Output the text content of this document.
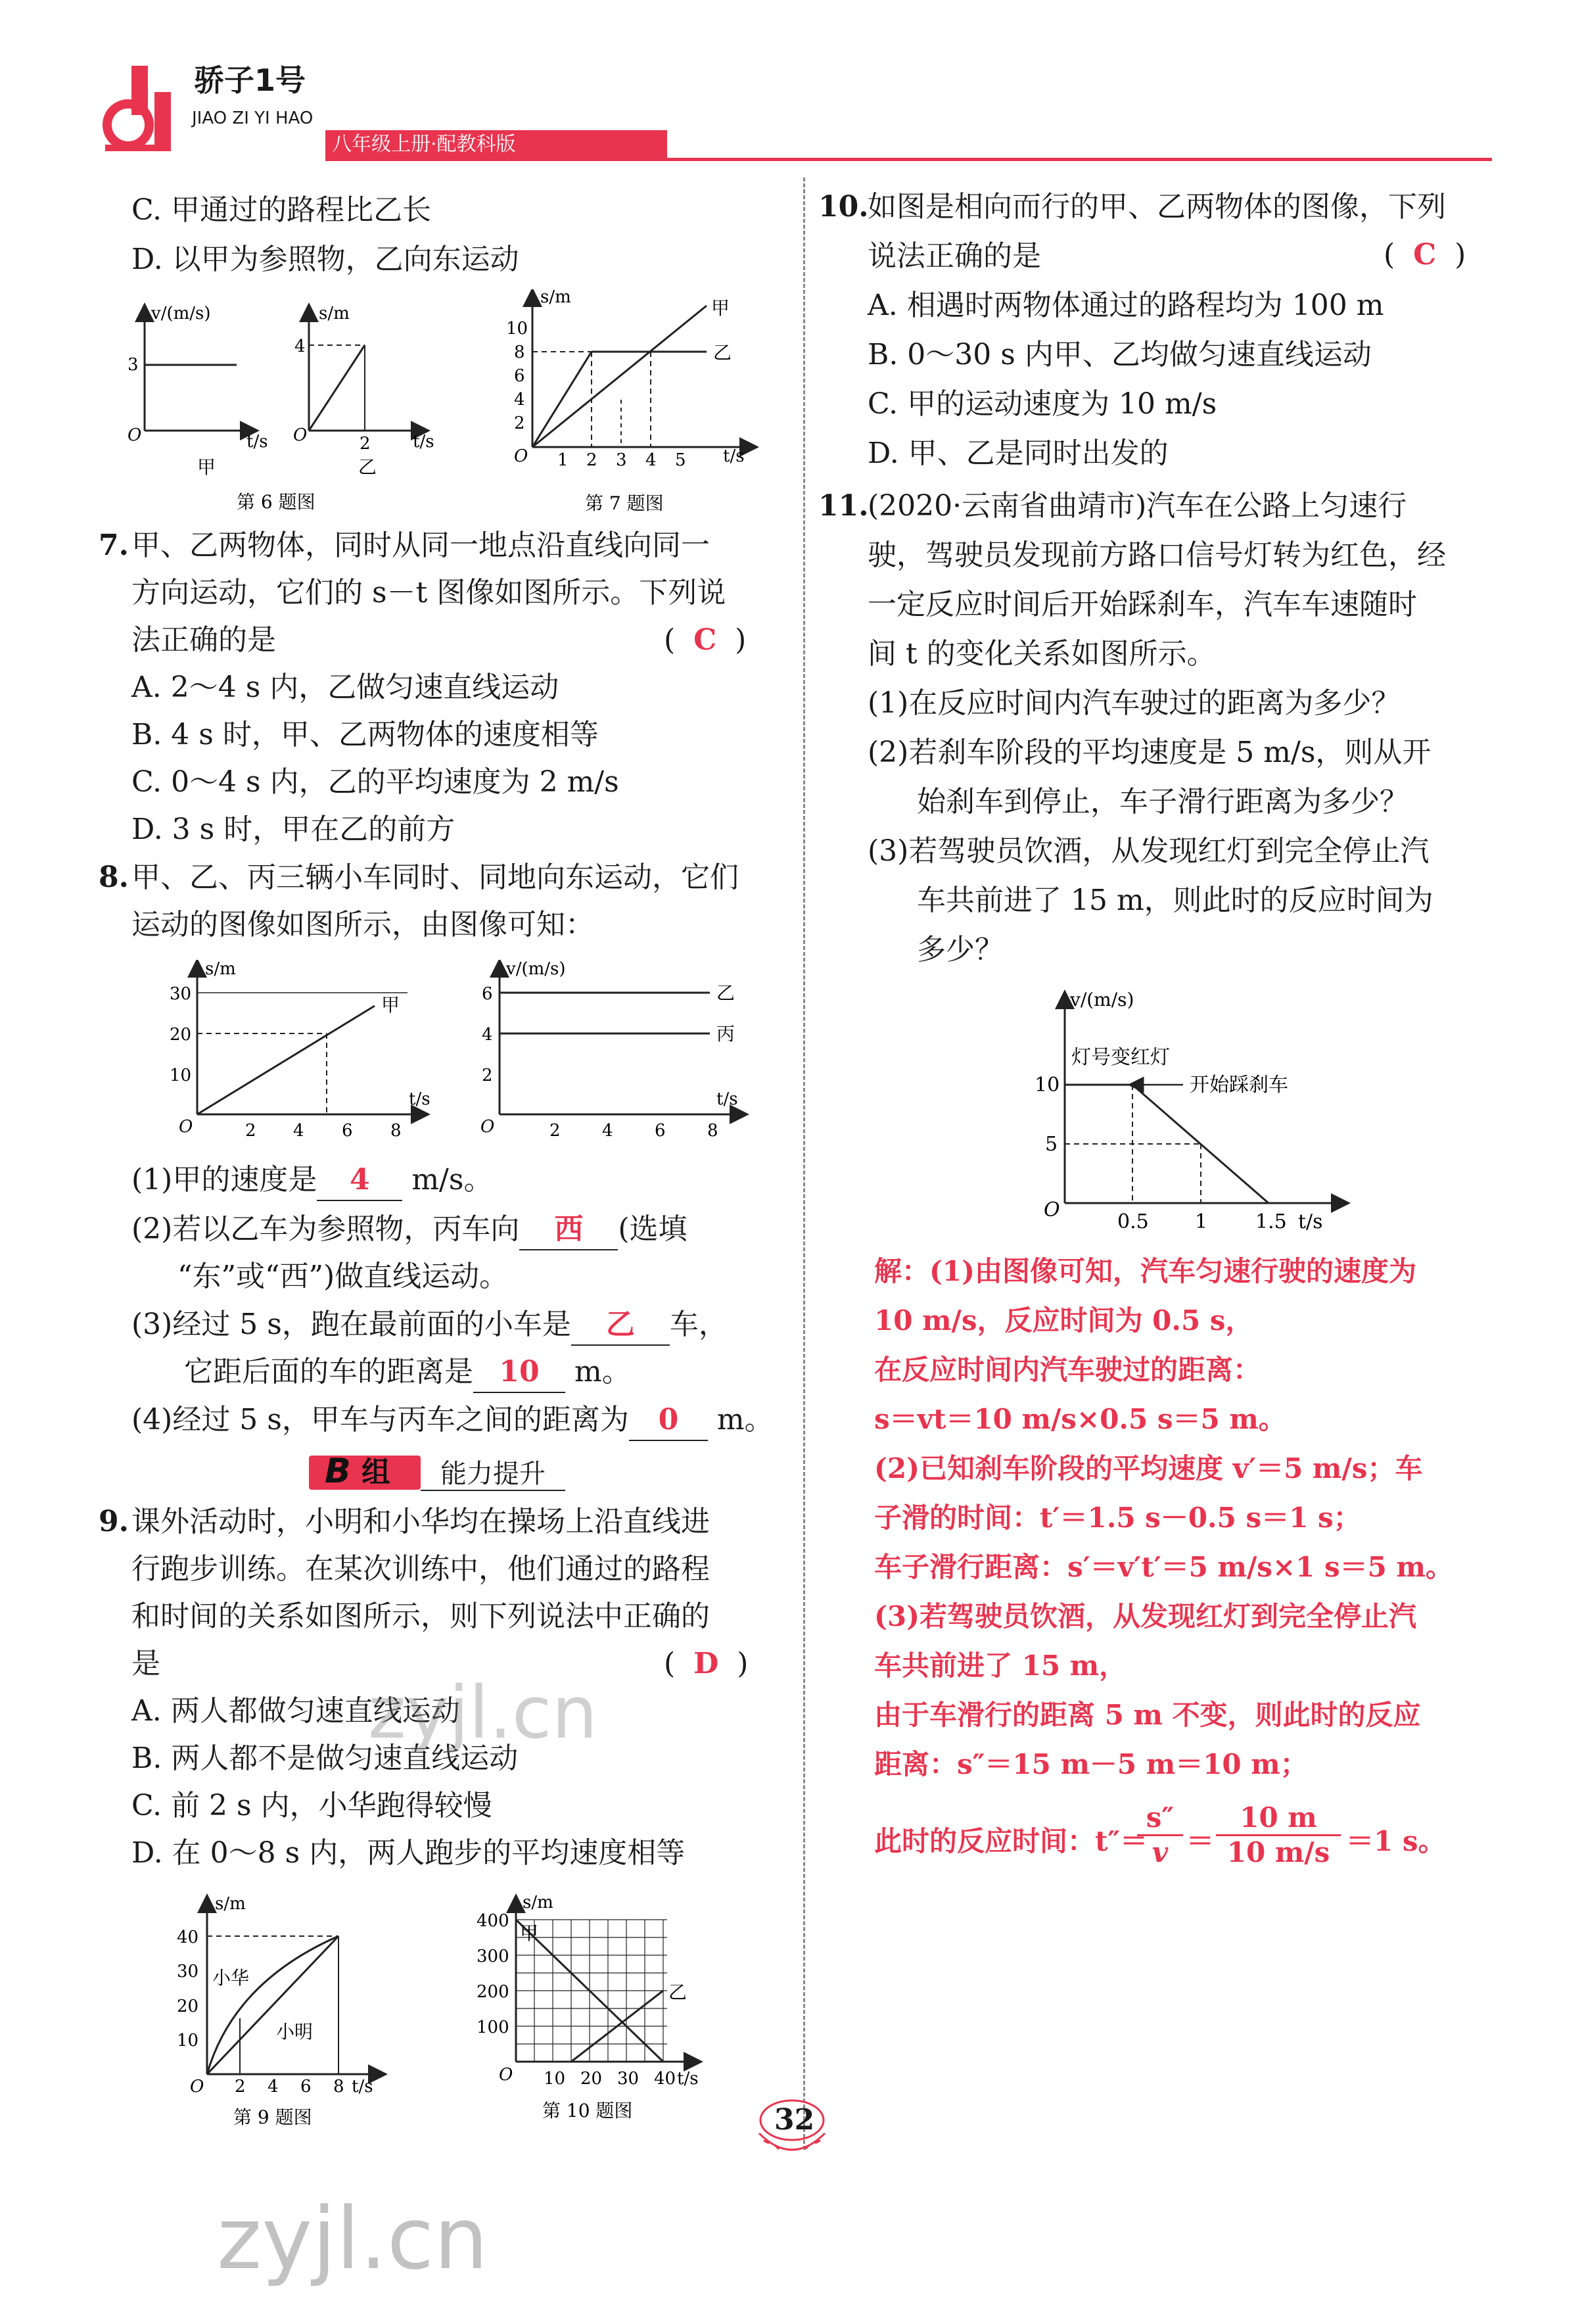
骄子1号
JIAO ZI YI HAO
八年级上册·配教科版
C. 甲通过的路程比乙长
D. 以甲为参照物，乙向东运动
v/(m/s)
3
O	t/s
甲
s/m
4
O	2 t/s
乙
第 6 题图
s/m
10
8
6
4
2
O 1 2 3 4 5 t/s
甲
乙
第 7 题图
7. 甲、乙两物体，同时从同一地点沿直线向同一
方向运动，它们的 s－t 图像如图所示。下列说
法正确的是	(  C  )
A. 2～4 s 内，乙做匀速直线运动
B. 4 s 时，甲、乙两物体的速度相等
C. 0～4 s 内，乙的平均速度为 2 m/s
D. 3 s 时，甲在乙的前方
8. 甲、乙、丙三辆小车同时、同地向东运动，它们
运动的图像如图所示，由图像可知：
s/m
30
20
10
O	2 4 6 8
t/s
甲
v/(m/s)
6
4
2
O	2 4 6 8
t/s
乙
丙
(1)甲的速度是 4 m/s。
(2)若以乙车为参照物，丙车向 西 (选填
“东”或“西”)做直线运动。
(3)经过 5 s，跑在最前面的小车是 乙 车，
它距后面的车的距离是 10 m。
(4)经过 5 s，甲车与丙车之间的距离为 0 m。
B 组 能力提升
9. 课外活动时，小明和小华均在操场上沿直线进
行跑步训练。在某次训练中，他们通过的路程
和时间的关系如图所示，则下列说法中正确的
是	(  D  )
A. 两人都做匀速直线运动
B. 两人都不是做匀速直线运动
C. 前 2 s 内，小华跑得较慢
D. 在 0～8 s 内，两人跑步的平均速度相等
s/m
40
30
20
10
O 2 4 6 8 t/s
小华
小明
第 9 题图
s/m
400
300
200
100
O 10 20 30 40 t/s
甲
乙
第 10 题图
10.
如图是相向而行的甲、乙两物体的图像，下列
说法正确的是	(  C  )
A. 相遇时两物体通过的路程均为 100 m
B. 0～30 s 内甲、乙均做匀速直线运动
C. 甲的运动速度为 10 m/s
D. 甲、乙是同时出发的
11.
(2020·云南省曲靖市)汽车在公路上匀速行
驶，驾驶员发现前方路口信号灯转为红色，经
一定反应时间后开始踩刹车，汽车车速随时
间 t 的变化关系如图所示。
(1)在反应时间内汽车驶过的距离为多少？
(2)若刹车阶段的平均速度是 5 m/s，则从开
始刹车到停止，车子滑行距离为多少？
(3)若驾驶员饮酒，从发现红灯到完全停止汽
车共前进了 15 m，则此时的反应时间为
多少？
v/(m/s)
灯号变红灯
开始踩刹车
10
5
O
0.5 1 1.5 t/s
解：(1)由图像可知，汽车匀速行驶的速度为
10 m/s，反应时间为 0.5 s，
在反应时间内汽车驶过的距离：
s＝vt＝10 m/s×0.5 s＝5 m。
(2)已知刹车阶段的平均速度 v′＝5 m/s；车
子滑的时间：t′＝1.5 s－0.5 s＝1 s；
车子滑行距离：s′＝v′t′＝5 m/s×1 s＝5 m。
(3)若驾驶员饮酒，从发现红灯到完全停止汽
车共前进了 15 m，
由于车滑行的距离 5 m 不变，则此时的反应
距离：s″＝15 m－5 m＝10 m；
此时的反应时间：t″＝
s″
v ＝
10 m
10 m/s ＝1 s。
zyjl.cn
zyjl.cn
32
